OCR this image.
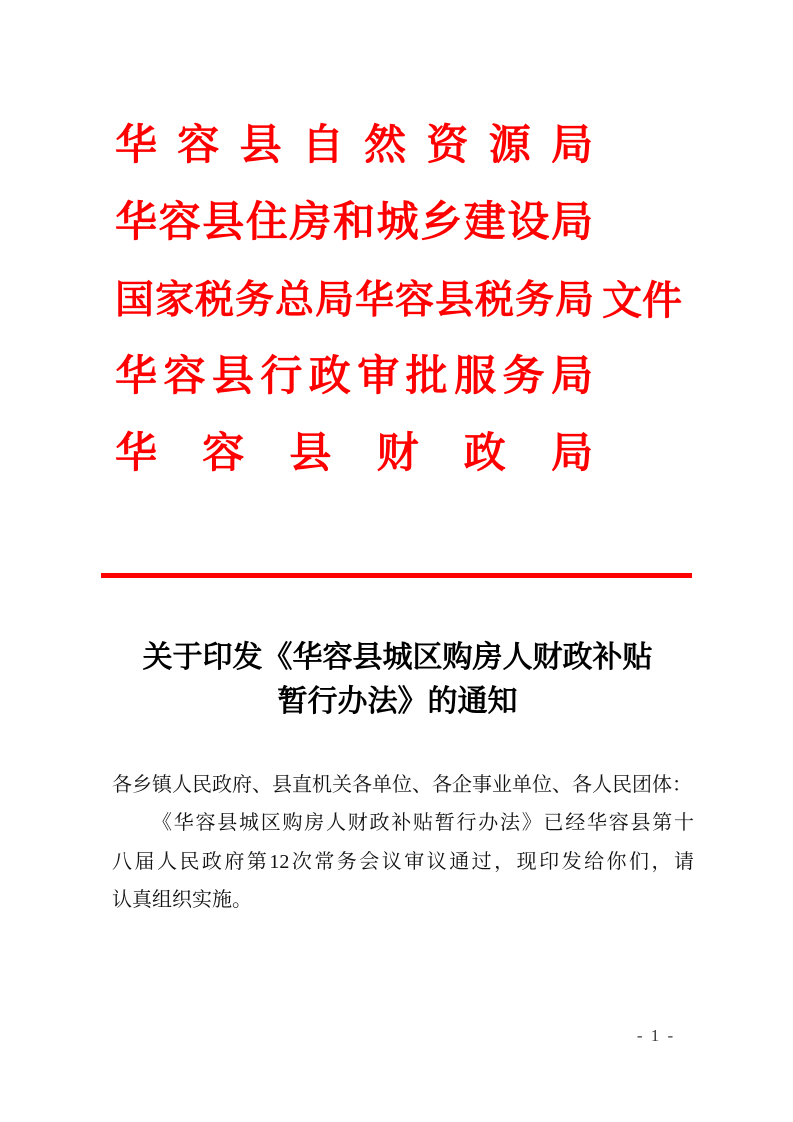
华容县自然资源局
华容县住房和城乡建设局
国家税务总局华容县税务局
华容县行政审批服务局
华容县财政局
文件
关于印发《华容县城区购房人财政补贴
暂行办法》的通知
各乡镇人民政府、县直机关各单位、各企事业单位、各人民团体：
《华容县城区购房人财政补贴暂行办法》已经华容县第十
八届人民政府第12次常务会议审议通过，现印发给你们，请
认真组织实施。
- 1 -
